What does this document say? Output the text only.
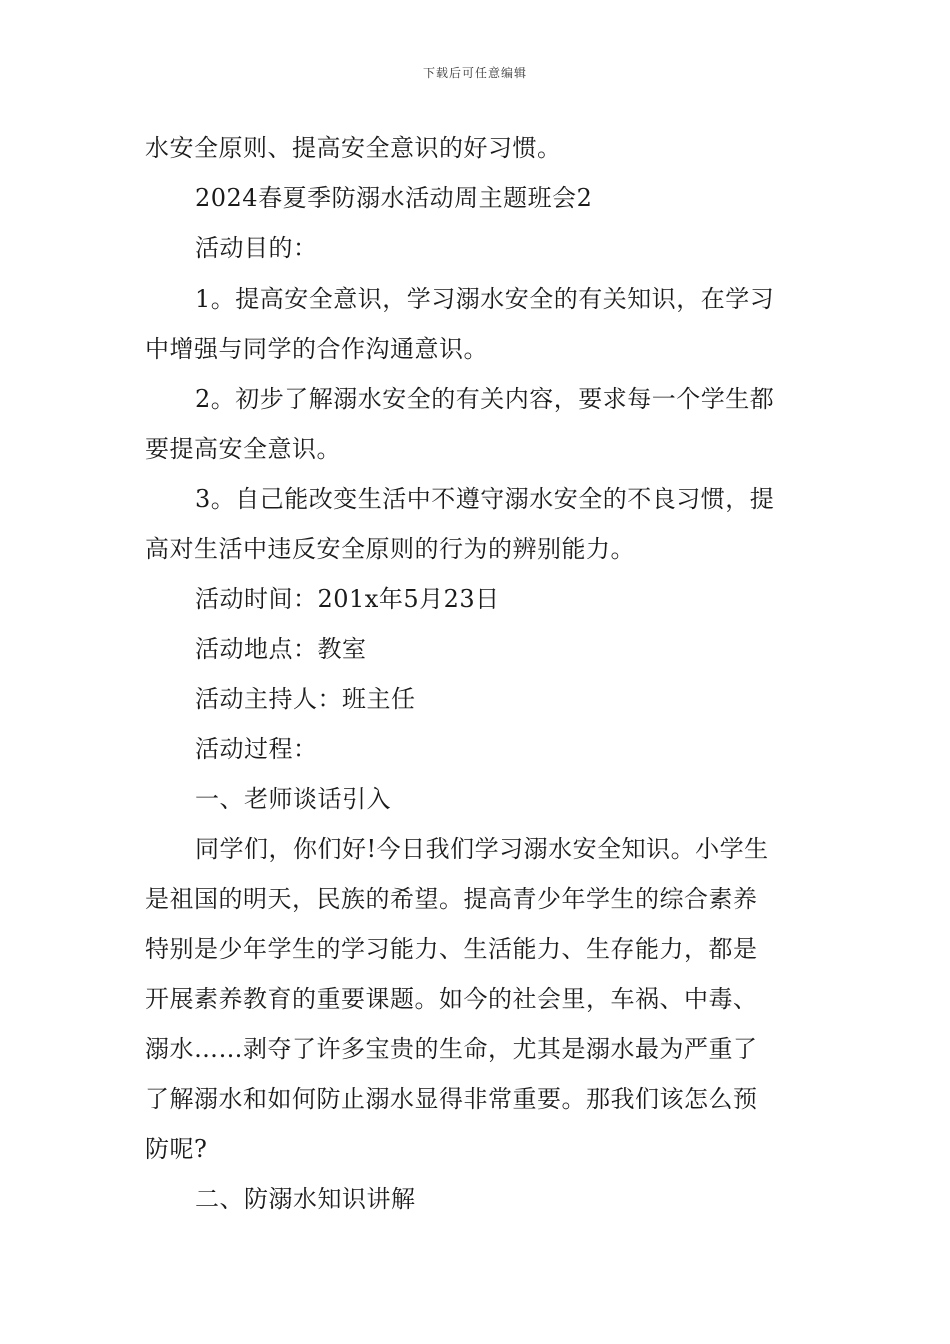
下载后可任意编辑
水安全原则、提高安全意识的好习惯。
2024春夏季防溺水活动周主题班会2
活动目的：
1。提高安全意识，学习溺水安全的有关知识，在学习
中增强与同学的合作沟通意识。
2。初步了解溺水安全的有关内容，要求每一个学生都
要提高安全意识。
3。自己能改变生活中不遵守溺水安全的不良习惯，提
高对生活中违反安全原则的行为的辨别能力。
活动时间：201x年5月23日
活动地点：教室
活动主持人：班主任
活动过程：
一、老师谈话引入
同学们，你们好!今日我们学习溺水安全知识。小学生
是祖国的明天，民族的希望。提高青少年学生的综合素养
特别是少年学生的学习能力、生活能力、生存能力，都是
开展素养教育的重要课题。如今的社会里，车祸、中毒、
溺水……剥夺了许多宝贵的生命，尤其是溺水最为严重了
了解溺水和如何防止溺水显得非常重要。那我们该怎么预
防呢?
二、防溺水知识讲解
